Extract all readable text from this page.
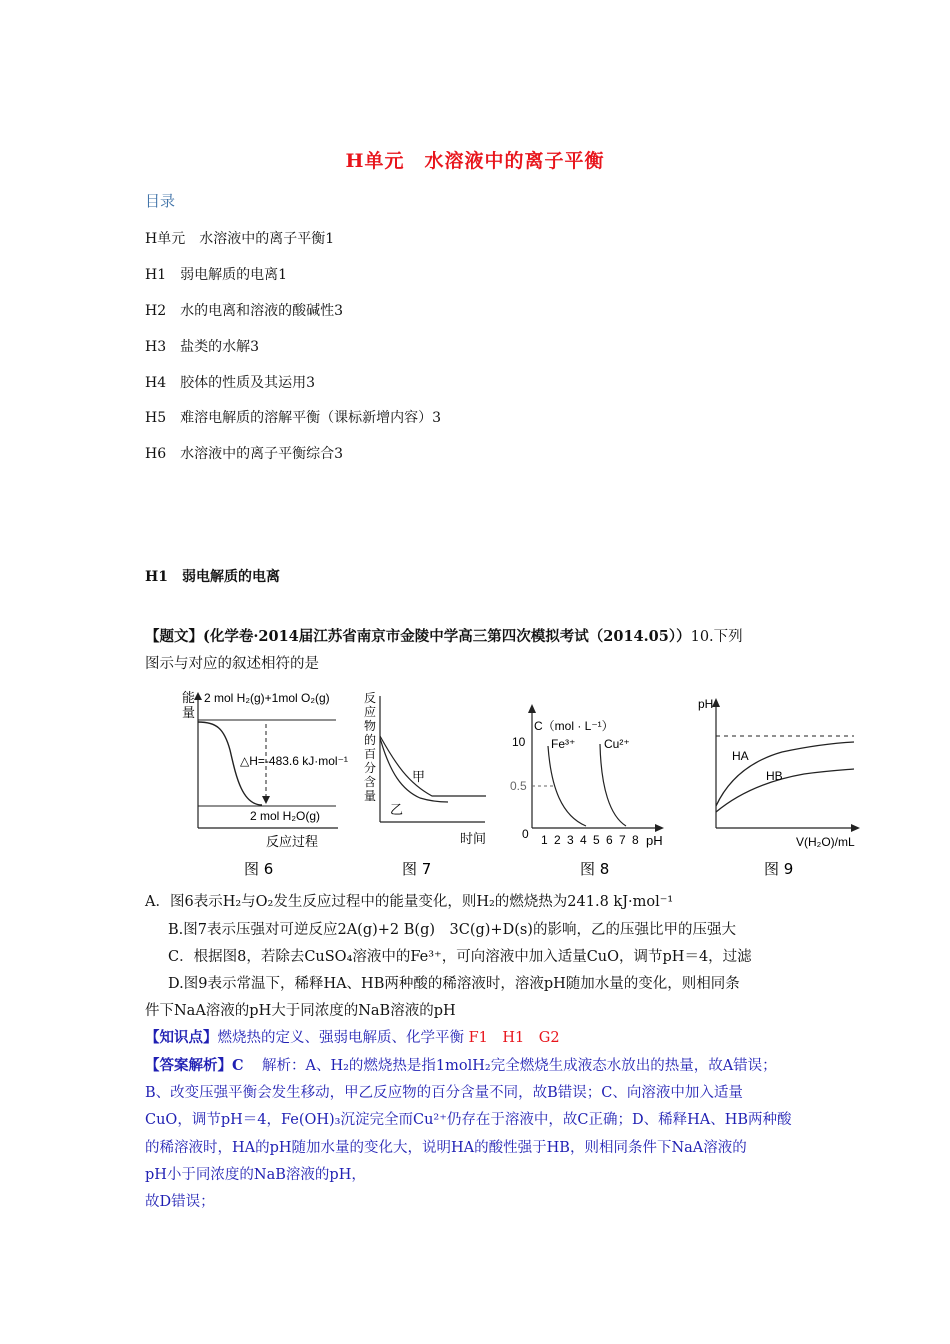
H单元　水溶液中的离子平衡
目录
H单元　水溶液中的离子平衡1
H1　弱电解质的电离1
H2　水的电离和溶液的酸碱性3
H3　盐类的水解3
H4　胶体的性质及其运用3
H5　难溶电解质的溶解平衡（课标新增内容）3
H6　水溶液中的离子平衡综合3
H1　弱电解质的电离
【题文】(化学卷·2014届江苏省南京市金陵中学高三第四次模拟考试（2014.05））10.下列
图示与对应的叙述相符的是
能
量
2 mol H₂(g)+1mol O₂(g)
△H=-483.6 kJ·mol⁻¹
2 mol H₂O(g)
反应过程
图 6
反
应
物
的
百
分
含
量
甲
乙
时间
图 7
C（mol · L⁻¹）
10
0.5
0 1 2 3 4 5 6 7 8 pH
Fe³⁺ Cu²⁺
图 8
pH
HA
HB
V(H₂O)/mL
图 9
A．图6表示H₂与O₂发生反应过程中的能量变化，则H₂的燃烧热为241.8 kJ·mol⁻¹
B.图7表示压强对可逆反应2A(g)+2 B(g)　3C(g)+D(s)的影响，乙的压强比甲的压强大
C．根据图8，若除去CuSO₄溶液中的Fe³⁺，可向溶液中加入适量CuO，调节pH＝4，过滤
D.图9表示常温下，稀释HA、HB两种酸的稀溶液时，溶液pH随加水量的变化，则相同条
件下NaA溶液的pH大于同浓度的NaB溶液的pH
【知识点】燃烧热的定义、强弱电解质、化学平衡 F1　H1　G2
【答案解析】C 解析：A、H₂的燃烧热是指1molH₂完全燃烧生成液态水放出的热量，故A错误；
B、改变压强平衡会发生移动，甲乙反应物的百分含量不同，故B错误；C、向溶液中加入适量
CuO，调节pH＝4，Fe(OH)₃沉淀完全而Cu²⁺仍存在于溶液中，故C正确；D、稀释HA、HB两种酸
的稀溶液时，HA的pH随加水量的变化大，说明HA的酸性强于HB，则相同条件下NaA溶液的
pH小于同浓度的NaB溶液的pH，
故D错误；
